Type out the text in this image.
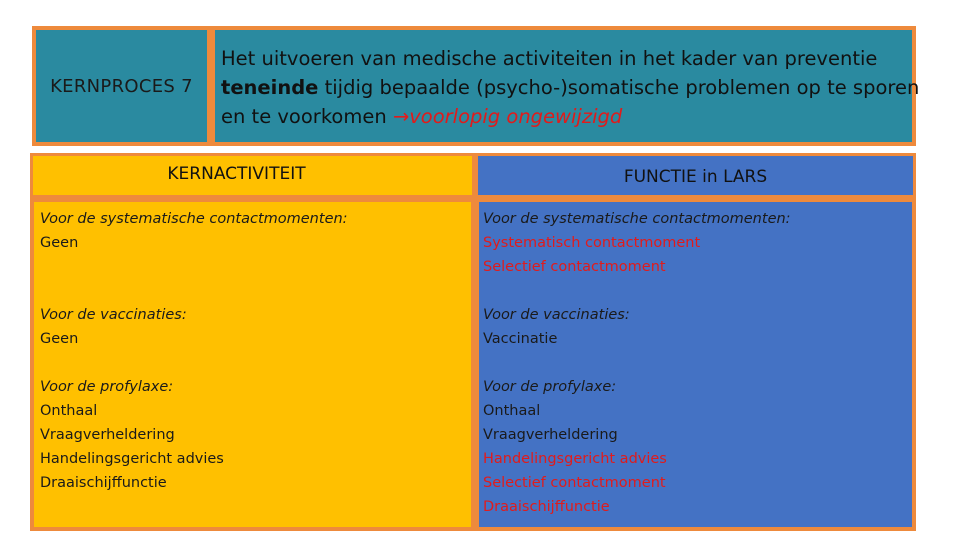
KERNPROCES 7
Het uitvoeren van medische activiteiten in het kader van preventie
teneinde tijdig bepaalde (psycho-)somatische problemen op te sporen
en te voorkomen →voorlopig ongewijzigd
KERNACTIVITEIT	FUNCTIE in LARS
Voor de systematische contactmomenten:
Geen
Voor de vaccinaties:
Geen
Voor de profylaxe:
Onthaal
Vraagverheldering
Handelingsgericht advies
Draaischijffunctie
Voor de systematische contactmomenten:
Systematisch contactmoment
Selectief contactmoment
Voor de vaccinaties:
Vaccinatie
Voor de profylaxe:
Onthaal
Vraagverheldering
Handelingsgericht advies
Selectief contactmoment
Draaischijffunctie
